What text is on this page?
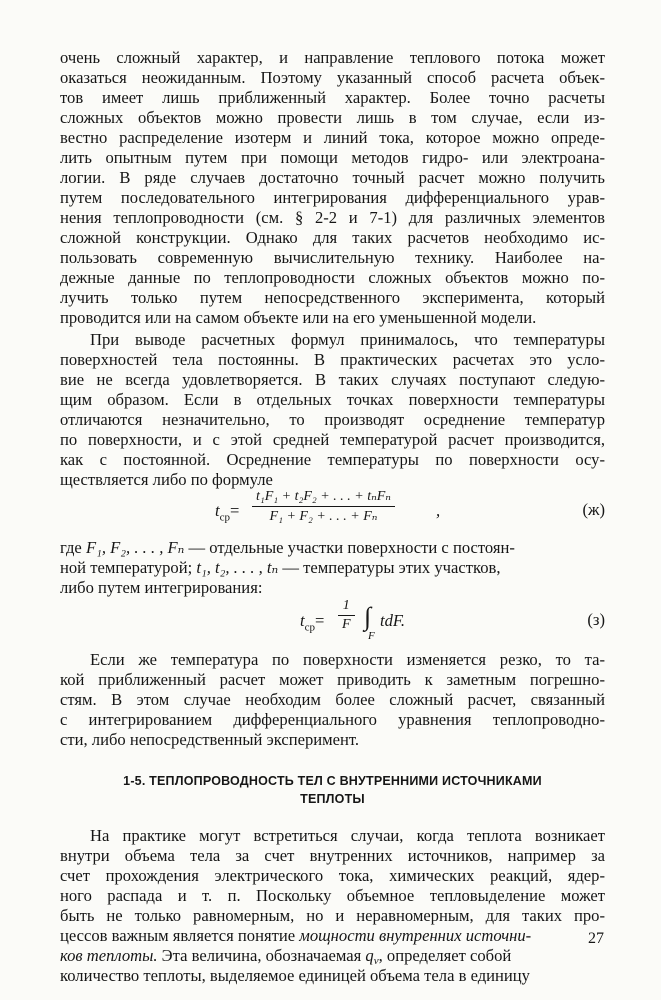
очень сложный характер, и направление теплового потока может
оказаться неожиданным. Поэтому указанный способ расчета объек-
тов имеет лишь приближенный характер. Более точно расчеты
сложных объектов можно провести лишь в том случае, если из-
вестно распределение изотерм и линий тока, которое можно опреде-
лить опытным путем при помощи методов гидро- или электроана-
логии. В ряде случаев достаточно точный расчет можно получить
путем последовательного интегрирования дифференциального урав-
нения теплопроводности (см. § 2-2 и 7-1) для различных элементов
сложной конструкции. Однако для таких расчетов необходимо ис-
пользовать современную вычислительную технику. Наиболее на-
дежные данные по теплопроводности сложных объектов можно по-
лучить только путем непосредственного эксперимента, который
проводится или на самом объекте или на его уменьшенной модели.
При выводе расчетных формул принималось, что температуры
поверхностей тела постоянны. В практических расчетах это усло-
вие не всегда удовлетворяется. В таких случаях поступают следую-
щим образом. Если в отдельных точках поверхности температуры
отличаются незначительно, то производят осреднение температур
по поверхности, и с этой средней температурой расчет производится,
как с постоянной. Осреднение температуры по поверхности осу-
ществляется либо по формуле
$t_{ср}=$
t₁F₁ + t₂F₂ + . . . + tₙFₙ
F₁ + F₂ + . . . + Fₙ	,	(ж)
где F₁, F₂, . . . , Fₙ — отдельные участки поверхности с постоян-
ной температурой; t₁, t₂, . . . , tₙ — температуры этих участков,
либо путем интегрирования:
$t_{ср}= \frac{1}{F}$ ∫
F
tdF.	(з)
Если же температура по поверхности изменяется резко, то та-
кой приближенный расчет может приводить к заметным погрешно-
стям. В этом случае необходим более сложный расчет, связанный
с интегрированием дифференциального уравнения теплопроводно-
сти, либо непосредственный эксперимент.
1-5. ТЕПЛОПРОВОДНОСТЬ ТЕЛ С ВНУТРЕННИМИ ИСТОЧНИКАМИ
ТЕПЛОТЫ
На практике могут встретиться случаи, когда теплота возникает
внутри объема тела за счет внутренних источников, например за
счет прохождения электрического тока, химических реакций, ядер-
ного распада и т. п. Поскольку объемное тепловыделение может
быть не только равномерным, но и неравномерным, для таких про-
цессов важным является понятие мощности внутренних источни-
ков теплоты. Эта величина, обозначаемая $q_v$, определяет собой
количество теплоты, выделяемое единицей объема тела в единицу
27
